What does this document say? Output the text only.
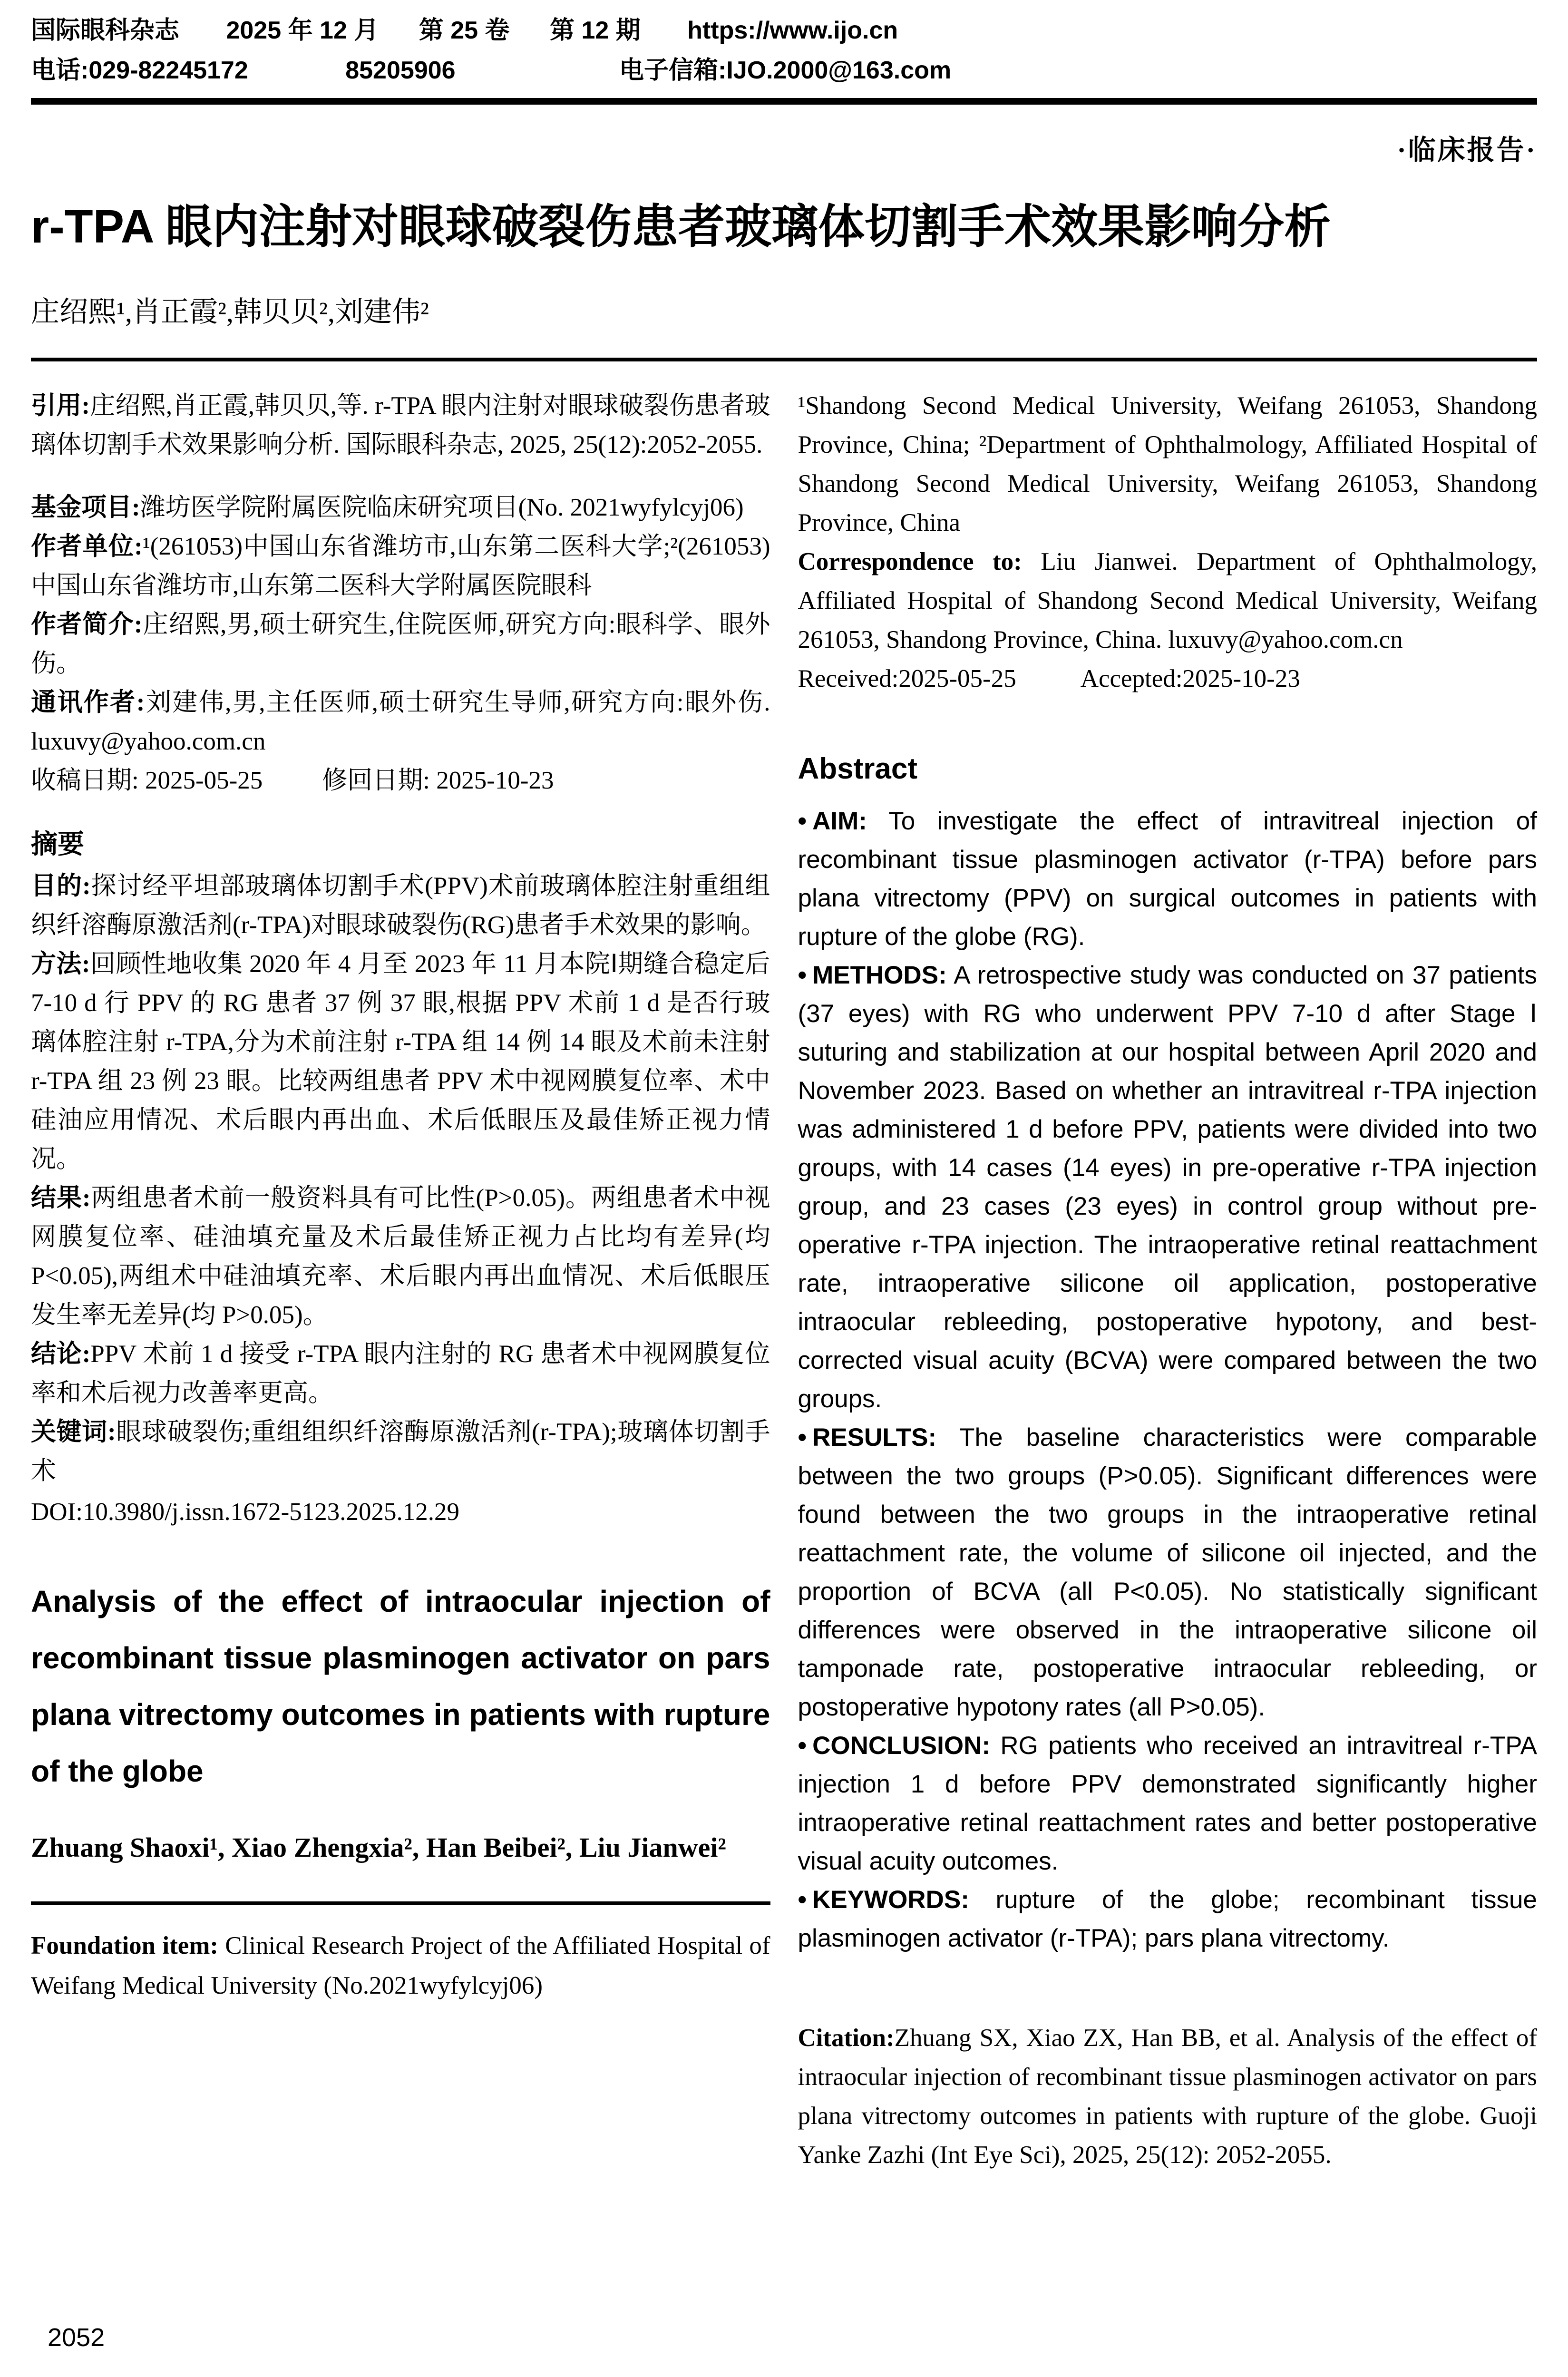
国际眼科杂志 2025 年 12 月 第 25 卷 第 12 期 https://www.ijo.cn
电话:029-82245172	85205906	电子信箱:IJO.2000@163.com
·临床报告·
r-TPA 眼内注射对眼球破裂伤患者玻璃体切割手术效果影响分析
庄绍熙¹,肖正霞²,韩贝贝²,刘建伟²

引用:庄绍熙,肖正霞,韩贝贝,等. r-TPA 眼内注射对眼球破裂伤患者玻璃体切割手术效果影响分析. 国际眼科杂志, 2025, 25(12):2052-2055.

基金项目:潍坊医学院附属医院临床研究项目(No. 2021wyfylcyj06)

作者单位:¹(261053)中国山东省潍坊市,山东第二医科大学;²(261053)中国山东省潍坊市,山东第二医科大学附属医院眼科

作者简介:庄绍熙,男,硕士研究生,住院医师,研究方向:眼科学、眼外伤。

通讯作者:刘建伟,男,主任医师,硕士研究生导师,研究方向:眼外伤. luxuvy@yahoo.com.cn

收稿日期: 2025-05-25 修回日期: 2025-10-23

摘要

目的:探讨经平坦部玻璃体切割手术(PPV)术前玻璃体腔注射重组组织纤溶酶原激活剂(r-TPA)对眼球破裂伤(RG)患者手术效果的影响。

方法:回顾性地收集 2020 年 4 月至 2023 年 11 月本院Ⅰ期缝合稳定后 7-10 d 行 PPV 的 RG 患者 37 例 37 眼,根据 PPV 术前 1 d 是否行玻璃体腔注射 r-TPA,分为术前注射 r-TPA 组 14 例 14 眼及术前未注射 r-TPA 组 23 例 23 眼。比较两组患者 PPV 术中视网膜复位率、术中硅油应用情况、术后眼内再出血、术后低眼压及最佳矫正视力情况。

结果:两组患者术前一般资料具有可比性(P>0.05)。两组患者术中视网膜复位率、硅油填充量及术后最佳矫正视力占比均有差异(均 P<0.05),两组术中硅油填充率、术后眼内再出血情况、术后低眼压发生率无差异(均 P>0.05)。

结论:PPV 术前 1 d 接受 r-TPA 眼内注射的 RG 患者术中视网膜复位率和术后视力改善率更高。

关键词:眼球破裂伤;重组组织纤溶酶原激活剂(r-TPA);玻璃体切割手术

DOI:10.3980/j.issn.1672-5123.2025.12.29

Analysis of the effect of intraocular injection of recombinant tissue plasminogen activator on pars plana vitrectomy outcomes in patients with rupture of the globe

Zhuang Shaoxi¹, Xiao Zhengxia², Han Beibei², Liu Jianwei²

Foundation item: Clinical Research Project of the Affiliated Hospital of Weifang Medical University (No.2021wyfylcyj06)

¹Shandong Second Medical University, Weifang 261053, Shandong Province, China; ²Department of Ophthalmology, Affiliated Hospital of Shandong Second Medical University, Weifang 261053, Shandong Province, China

Correspondence to: Liu Jianwei. Department of Ophthalmology, Affiliated Hospital of Shandong Second Medical University, Weifang 261053, Shandong Province, China. luxuvy@yahoo.com.cn

Received:2025-05-25	Accepted:2025-10-23

Abstract

• AIM: To investigate the effect of intravitreal injection of recombinant tissue plasminogen activator (r-TPA) before pars plana vitrectomy (PPV) on surgical outcomes in patients with rupture of the globe (RG).

• METHODS: A retrospective study was conducted on 37 patients (37 eyes) with RG who underwent PPV 7-10 d after Stage Ⅰ suturing and stabilization at our hospital between April 2020 and November 2023. Based on whether an intravitreal r-TPA injection was administered 1 d before PPV, patients were divided into two groups, with 14 cases (14 eyes) in pre-operative r-TPA injection group, and 23 cases (23 eyes) in control group without pre-operative r-TPA injection. The intraoperative retinal reattachment rate, intraoperative silicone oil application, postoperative intraocular rebleeding, postoperative hypotony, and best-corrected visual acuity (BCVA) were compared between the two groups.

• RESULTS: The baseline characteristics were comparable between the two groups (P>0.05). Significant differences were found between the two groups in the intraoperative retinal reattachment rate, the volume of silicone oil injected, and the proportion of BCVA (all P<0.05). No statistically significant differences were observed in the intraoperative silicone oil tamponade rate, postoperative intraocular rebleeding, or postoperative hypotony rates (all P>0.05).

• CONCLUSION: RG patients who received an intravitreal r-TPA injection 1 d before PPV demonstrated significantly higher intraoperative retinal reattachment rates and better postoperative visual acuity outcomes.

• KEYWORDS: rupture of the globe; recombinant tissue plasminogen activator (r-TPA); pars plana vitrectomy.

Citation:Zhuang SX, Xiao ZX, Han BB, et al. Analysis of the effect of intraocular injection of recombinant tissue plasminogen activator on pars plana vitrectomy outcomes in patients with rupture of the globe. Guoji Yanke Zazhi (Int Eye Sci), 2025, 25(12): 2052-2055.

2052
